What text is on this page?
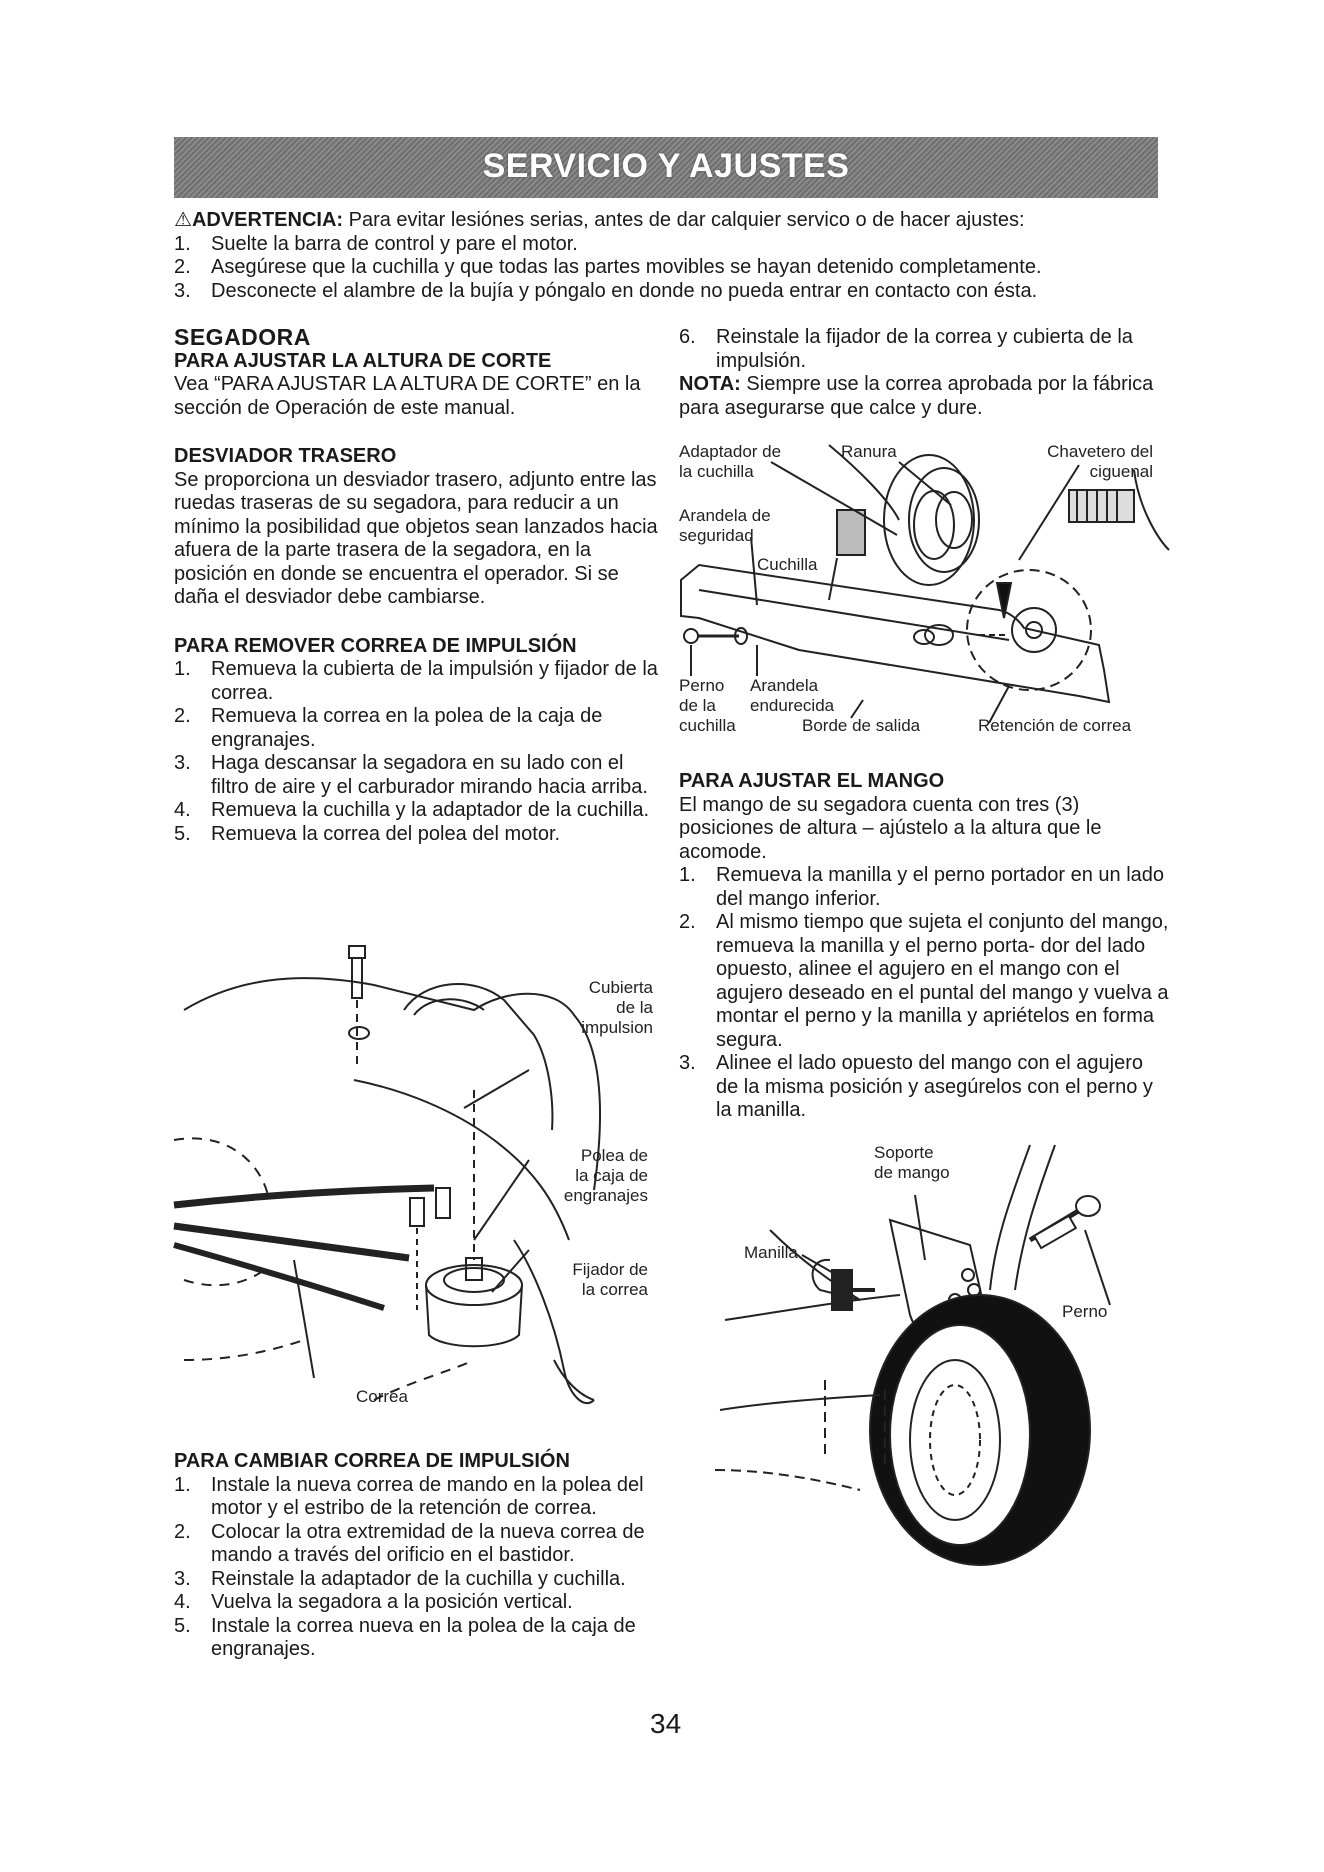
SERVICIO Y AJUSTES
⚠ADVERTENCIA: Para evitar lesiónes serias, antes de dar calquier servico o de hacer ajustes:
1. Suelte la barra de control y pare el motor.
2. Asegúrese que la cuchilla y que todas las partes movibles se hayan detenido completamente.
3. Desconecte el alambre de la bujía y póngalo en donde no pueda entrar en contacto con ésta.
SEGADORA
PARA AJUSTAR LA ALTURA DE CORTE

Vea “PARA AJUSTAR LA ALTURA DE CORTE” en la sección de Operación de este manual.

DESVIADOR TRASERO

Se proporciona un desviador trasero, adjunto entre las ruedas traseras de su segadora, para reducir a un mínimo la posibilidad que objetos sean lanzados hacia afuera de la parte trasera de la segadora, en la posición en donde se encuentra el operador. Si se daña el desviador debe cambiarse.

PARA REMOVER CORREA DE IMPULSIÓN
1. Remueva la cubierta de la impulsión y fijador de la correa.
2. Remueva la correa en la polea de la caja de engranajes.
3. Haga descansar la segadora en su lado con el filtro de aire y el carburador mirando hacia arriba.
4. Remueva la cuchilla y la adaptador de la cuchilla.
5. Remueva la correa del polea del motor.
Cubierta
de la
impulsion
Polea de
la caja de
engranajes
Fijador de
la correa
Correa
PARA CAMBIAR CORREA DE IMPULSIÓN
1. Instale la nueva correa de mando en la polea del motor y el estribo de la retención de correa.
2. Colocar la otra extremidad de la nueva correa de mando a través del orificio en el bastidor.
3. Reinstale la adaptador de la cuchilla y cuchilla.
4. Vuelva la segadora a la posición vertical.
5. Instale la correa nueva en la polea de la caja de engranajes.
6. Reinstale la fijador de la correa y cubierta de la impulsión.

NOTA: Siempre use la correa aprobada por la fábrica para asegurarse que calce y dure.

Adaptador de
la cuchilla
Ranura	Chavetero del
ciguenal
Arandela de
seguridad
Cuchilla
Perno
de la
cuchilla
Arandela
endurecida
Borde de salida	Retención de correa
PARA AJUSTAR EL MANGO

El mango de su segadora cuenta con tres (3) posiciones de altura – ajústelo a la altura que le acomode.

1. Remueva la manilla y el perno portador en un lado del mango inferior.
2. Al mismo tiempo que sujeta el conjunto del mango, remueva la manilla y el perno porta- dor del lado opuesto, alinee el agujero en el mango con el agujero deseado en el puntal del mango y vuelva a montar el perno y la manilla y apriételos en forma segura.
3. Alinee el lado opuesto del mango con el agujero de la misma posición y asegúrelos con el perno y la manilla.
Soporte
de mango
Manilla
Perno
34
